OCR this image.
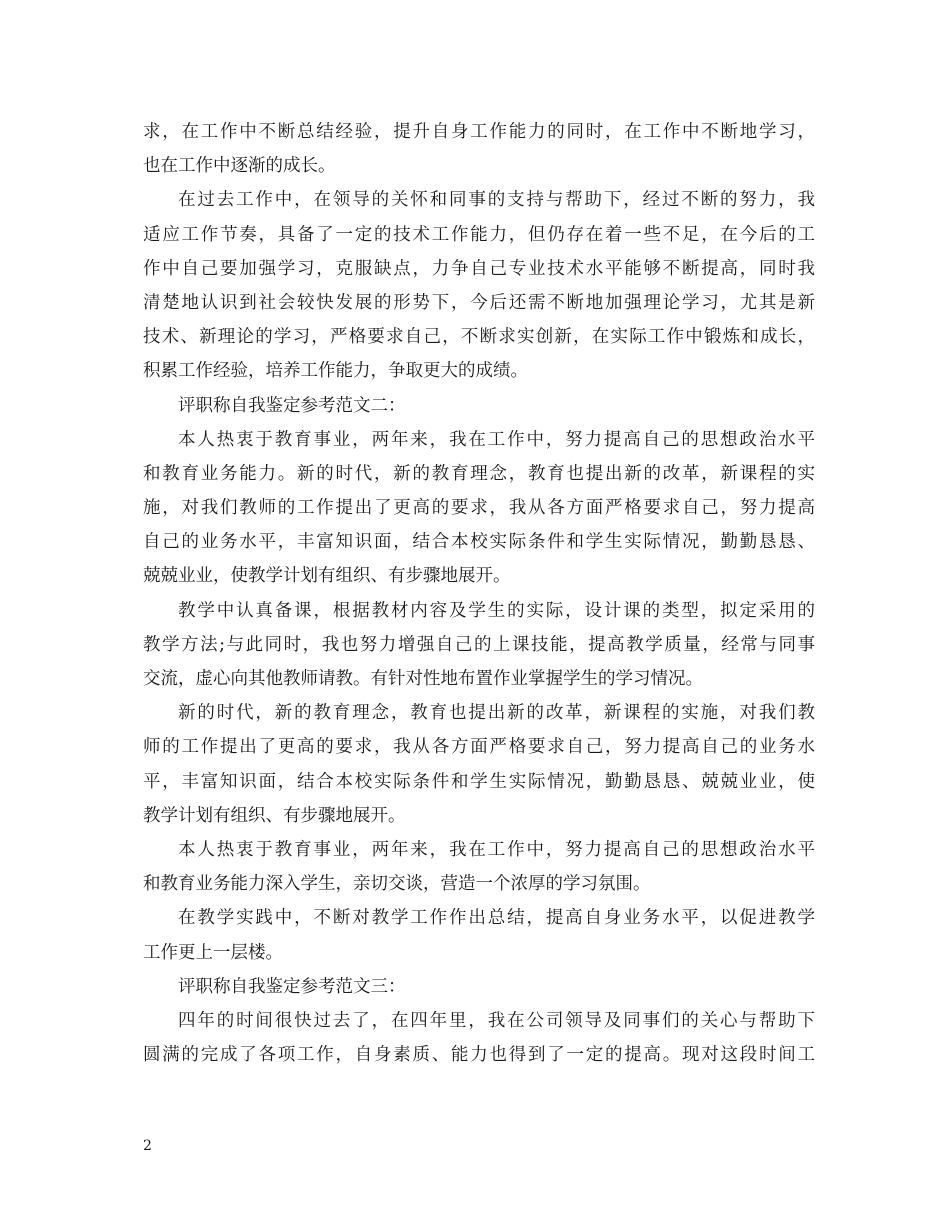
求，在工作中不断总结经验，提升自身工作能力的同时，在工作中不断地学习，
也在工作中逐渐的成长。
在过去工作中，在领导的关怀和同事的支持与帮助下，经过不断的努力，我
适应工作节奏，具备了一定的技术工作能力，但仍存在着一些不足，在今后的工
作中自己要加强学习，克服缺点，力争自己专业技术水平能够不断提高，同时我
清楚地认识到社会较快发展的形势下，今后还需不断地加强理论学习，尤其是新
技术、新理论的学习，严格要求自己，不断求实创新，在实际工作中锻炼和成长，
积累工作经验，培养工作能力，争取更大的成绩。
评职称自我鉴定参考范文二：
本人热衷于教育事业，两年来，我在工作中，努力提高自己的思想政治水平
和教育业务能力。新的时代，新的教育理念，教育也提出新的改革，新课程的实
施，对我们教师的工作提出了更高的要求，我从各方面严格要求自己，努力提高
自己的业务水平，丰富知识面，结合本校实际条件和学生实际情况，勤勤恳恳、
兢兢业业，使教学计划有组织、有步骤地展开。
教学中认真备课，根据教材内容及学生的实际，设计课的类型，拟定采用的
教学方法;与此同时，我也努力增强自己的上课技能，提高教学质量，经常与同事
交流，虚心向其他教师请教。有针对性地布置作业掌握学生的学习情况。
新的时代，新的教育理念，教育也提出新的改革，新课程的实施，对我们教
师的工作提出了更高的要求，我从各方面严格要求自己，努力提高自己的业务水
平，丰富知识面，结合本校实际条件和学生实际情况，勤勤恳恳、兢兢业业，使
教学计划有组织、有步骤地展开。
本人热衷于教育事业，两年来，我在工作中，努力提高自己的思想政治水平
和教育业务能力深入学生，亲切交谈，营造一个浓厚的学习氛围。
在教学实践中，不断对教学工作作出总结，提高自身业务水平，以促进教学
工作更上一层楼。
评职称自我鉴定参考范文三：
四年的时间很快过去了，在四年里，我在公司领导及同事们的关心与帮助下
圆满的完成了各项工作，自身素质、能力也得到了一定的提高。现对这段时间工
2
